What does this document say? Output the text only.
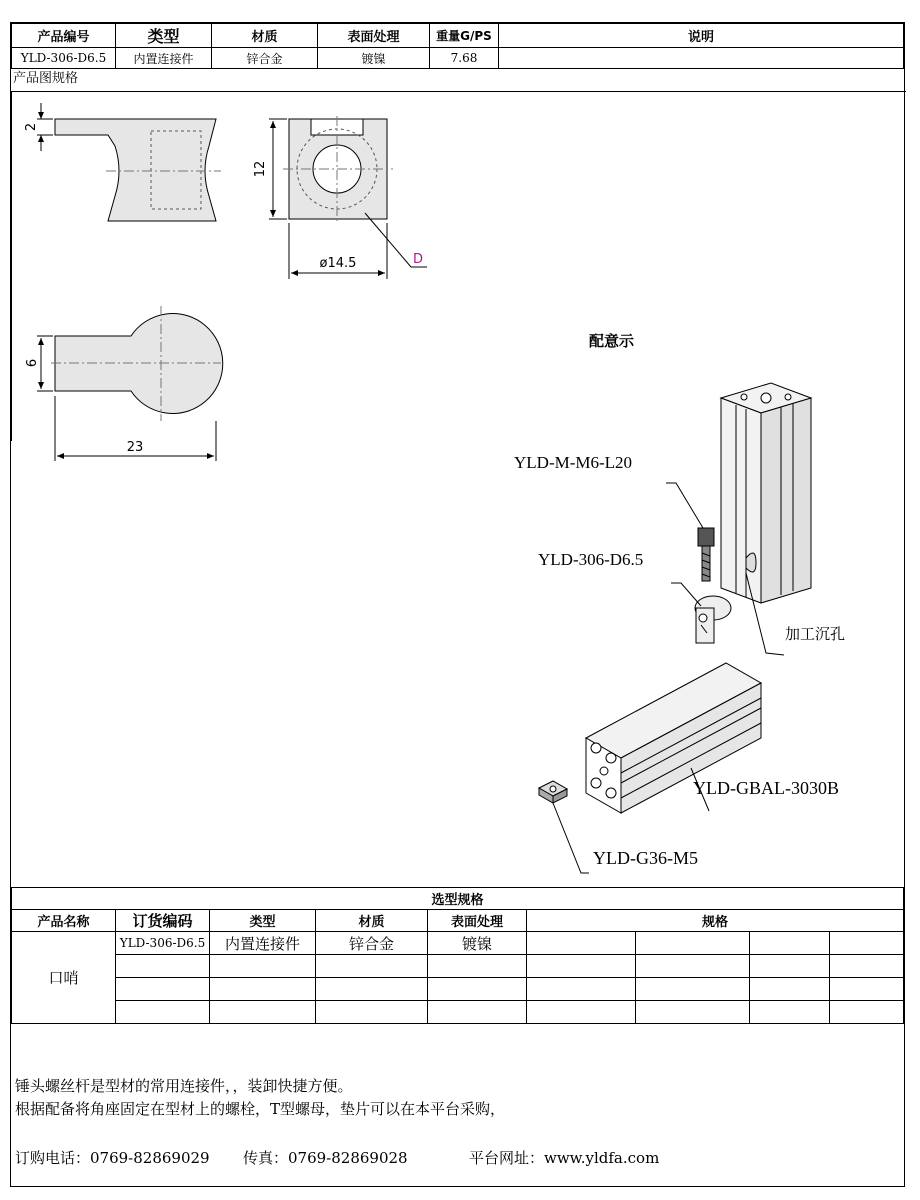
产品编号	类型	材质	表面处理	重量G/PS	说明
YLD-306-D6.5	内置连接件	锌合金	镀镍	7.68	
产品图规格
2
12
ø14.5	D
6
23
配意示
YLD-M-M6-L20
YLD-306-D6.5
加工沉孔
YLD-GBAL-3030B
YLD-G36-M5
选型规格								
产品名称	订货编码	类型	材质	表面处理	规格			
口哨	YLD-306-D6.5	内置连接件	锌合金	镀镍				

锤头螺丝杆是型材的常用连接件，，装卸快捷方便。
根据配备将角座固定在型材上的螺栓，T型螺母，垫片可以在本平台采购，
订购电话：0769-82869029 传真：0769-82869028	平台网址：www.yldfa.com
